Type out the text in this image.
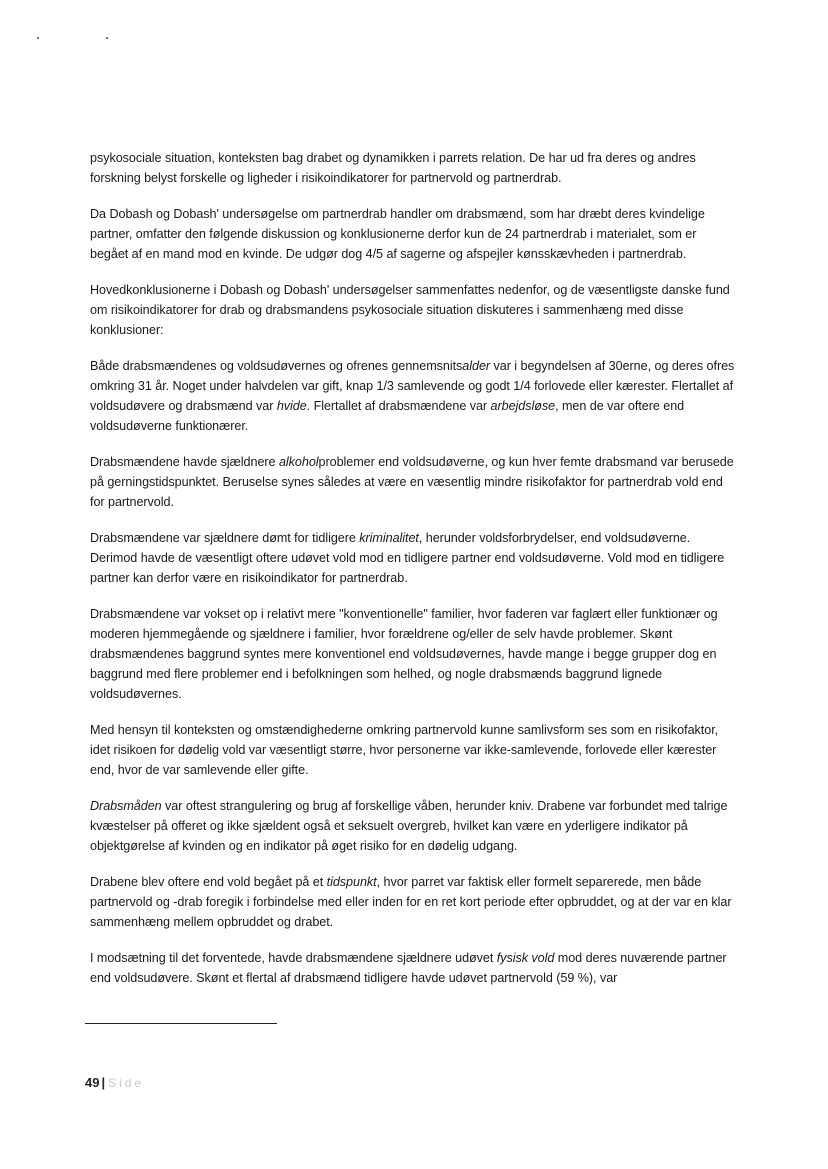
psykosociale situation, konteksten bag drabet og dynamikken i parrets relation. De har ud fra deres og andres forskning belyst forskelle og ligheder i risikoindikatorer for partnervold og partnerdrab.

Da Dobash og Dobash' undersøgelse om partnerdrab handler om drabsmænd, som har dræbt deres kvindelige partner, omfatter den følgende diskussion og konklusionerne derfor kun de 24 partnerdrab i materialet, som er begået af en mand mod en kvinde. De udgør dog 4/5 af sagerne og afspejler kønsskævheden i partnerdrab.

Hovedkonklusionerne i Dobash og Dobash' undersøgelser sammenfattes nedenfor, og de væsentligste danske fund om risikoindikatorer for drab og drabsmandens psykosociale situation diskuteres i sammenhæng med disse konklusioner:

Både drabsmændenes og voldsudøvernes og ofrenes gennemsnitsalder var i begyndelsen af 30erne, og deres ofres omkring 31 år. Noget under halvdelen var gift, knap 1/3 samlevende og godt 1/4 forlovede eller kærester. Flertallet af voldsudøvere og drabsmænd var hvide. Flertallet af drabsmændene var arbejdsløse, men de var oftere end voldsudøverne funktionærer.

Drabsmændene havde sjældnere alkoholproblemer end voldsudøverne, og kun hver femte drabsmand var berusede på gerningstidspunktet. Beruselse synes således at være en væsentlig mindre risikofaktor for partnerdrab vold end for partnervold.

Drabsmændene var sjældnere dømt for tidligere kriminalitet, herunder voldsforbrydelser, end voldsudøverne. Derimod havde de væsentligt oftere udøvet vold mod en tidligere partner end voldsudøverne. Vold mod en tidligere partner kan derfor være en risikoindikator for partnerdrab.

Drabsmændene var vokset op i relativt mere "konventionelle" familier, hvor faderen var faglært eller funktionær og moderen hjemmegående og sjældnere i familier, hvor forældrene og/eller de selv havde problemer. Skønt drabsmændenes baggrund syntes mere konventionel end voldsudøvernes, havde mange i begge grupper dog en baggrund med flere problemer end i befolkningen som helhed, og nogle drabsmænds baggrund lignede voldsudøvernes.

Med hensyn til konteksten og omstændighederne omkring partnervold kunne samlivsform ses som en risikofaktor, idet risikoen for dødelig vold var væsentligt større, hvor personerne var ikke-samlevende, forlovede eller kærester end, hvor de var samlevende eller gifte.

Drabsmåden var oftest strangulering og brug af forskellige våben, herunder kniv. Drabene var forbundet med talrige kvæstelser på offeret og ikke sjældent også et seksuelt overgreb, hvilket kan være en yderligere indikator på objektgørelse af kvinden og en indikator på øget risiko for en dødelig udgang.

Drabene blev oftere end vold begået på et tidspunkt, hvor parret var faktisk eller formelt separerede, men både partnervold og -drab foregik i forbindelse med eller inden for en ret kort periode efter opbruddet, og at der var en klar sammenhæng mellem opbruddet og drabet.

I modsætning til det forventede, havde drabsmændene sjældnere udøvet fysisk vold mod deres nuværende partner end voldsudøvere. Skønt et flertal af drabsmænd tidligere havde udøvet partnervold (59 %), var

49 | Side
